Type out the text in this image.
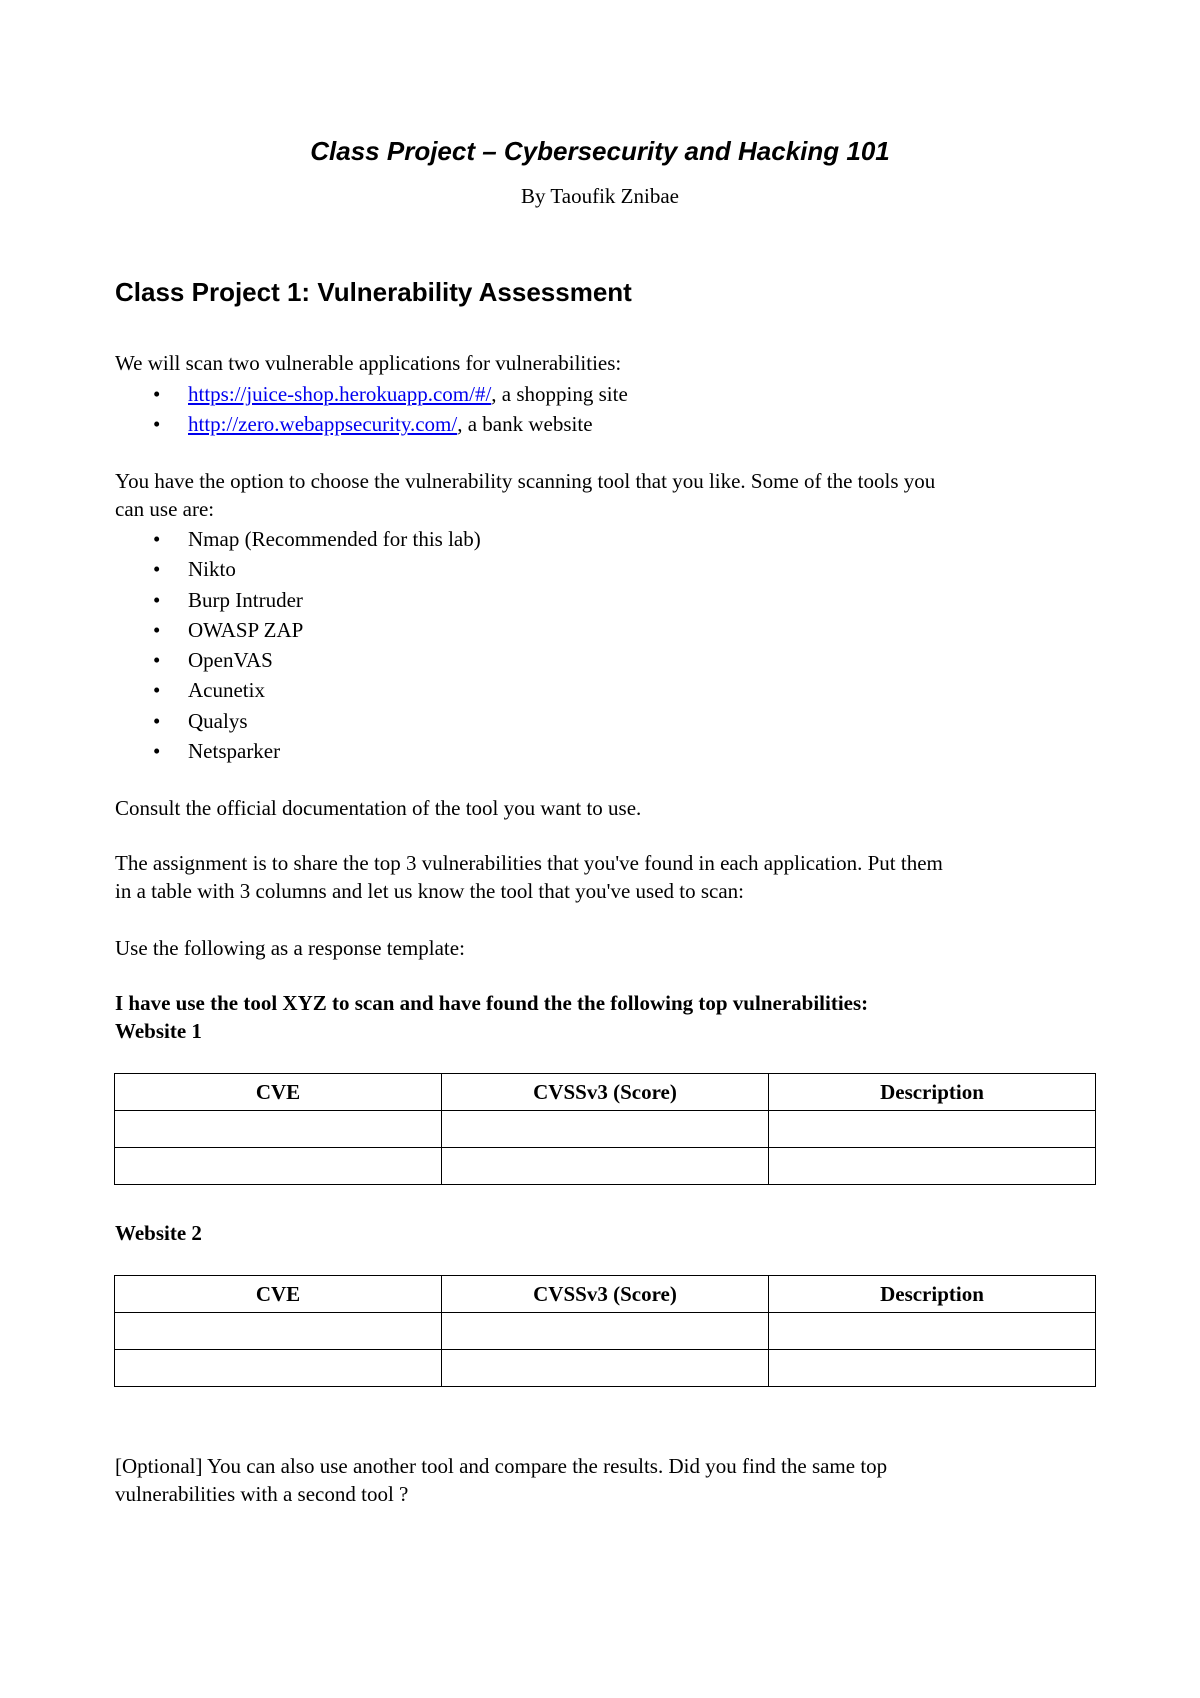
Class Project – Cybersecurity and Hacking 101
By Taoufik Znibae
Class Project 1: Vulnerability Assessment
We will scan two vulnerable applications for vulnerabilities:
• https://juice-shop.herokuapp.com/#/, a shopping site
• http://zero.webappsecurity.com/, a bank website
You have the option to choose the vulnerability scanning tool that you like. Some of the tools you
can use are:
• Nmap (Recommended for this lab)
• Nikto
• Burp Intruder
• OWASP ZAP
• OpenVAS
• Acunetix
• Qualys
• Netsparker
Consult the official documentation of the tool you want to use.
The assignment is to share the top 3 vulnerabilities that you've found in each application. Put them
in a table with 3 columns and let us know the tool that you've used to scan:
Use the following as a response template:
I have use the tool XYZ to scan and have found the the following top vulnerabilities:
Website 1
CVE	CVSSv3 (Score)	Description

Website 2
CVE	CVSSv3 (Score)	Description

[Optional] You can also use another tool and compare the results. Did you find the same top
vulnerabilities with a second tool ?
